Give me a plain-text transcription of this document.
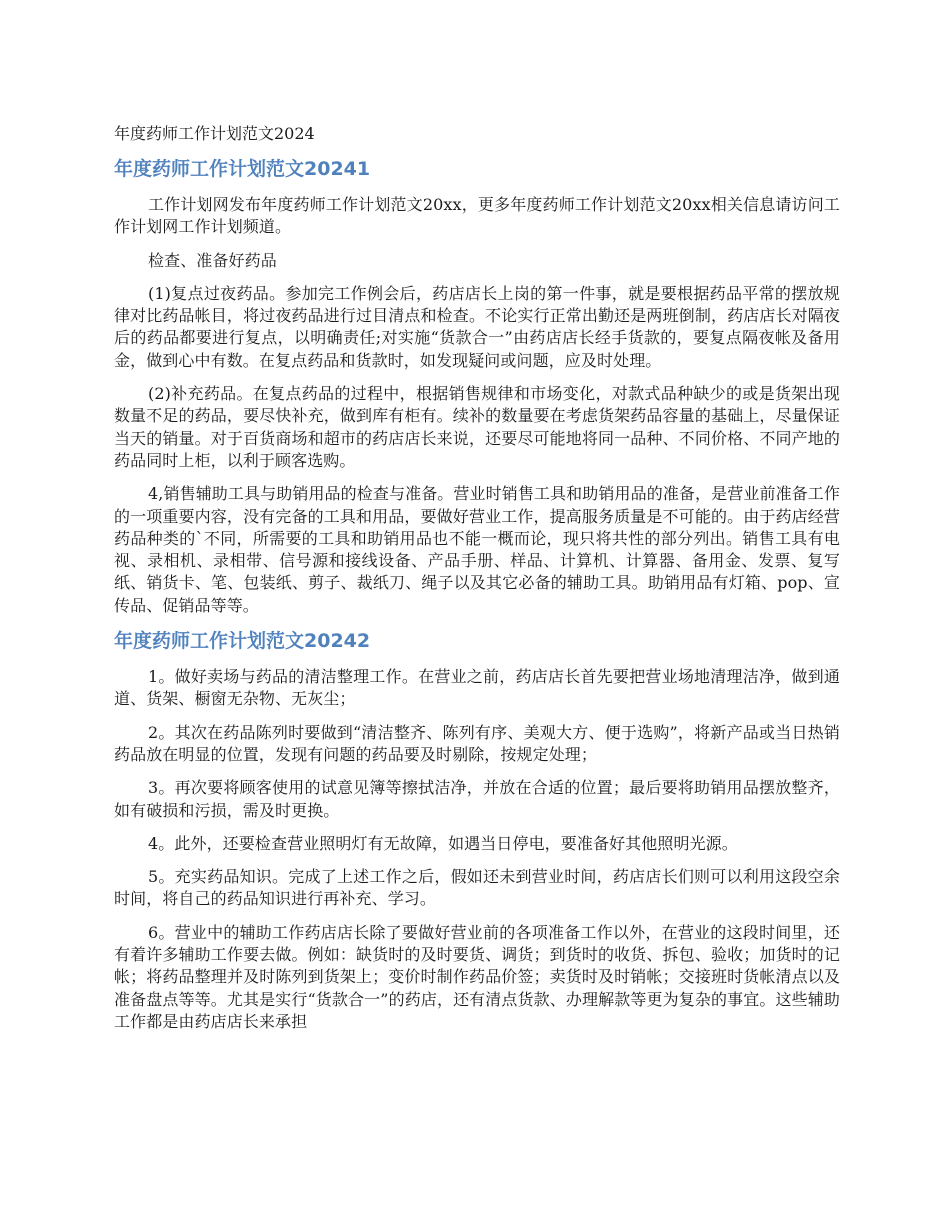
年度药师工作计划范文2024
年度药师工作计划范文20241

工作计划网发布年度药师工作计划范文20xx，更多年度药师工作计划范文20xx相关信息请访问工作计划网工作计划频道。

检查、准备好药品

(1)复点过夜药品。参加完工作例会后，药店店长上岗的第一件事，就是要根据药品平常的摆放规律对比药品帐目，将过夜药品进行过目清点和检查。不论实行正常出勤还是两班倒制，药店店长对隔夜后的药品都要进行复点，以明确责任;对实施“货款合一”由药店店长经手货款的，要复点隔夜帐及备用金，做到心中有数。在复点药品和货款时，如发现疑问或问题，应及时处理。

(2)补充药品。在复点药品的过程中，根据销售规律和市场变化，对款式品种缺少的或是货架出现数量不足的药品，要尽快补充，做到库有柜有。续补的数量要在考虑货架药品容量的基础上，尽量保证当天的销量。对于百货商场和超市的药店店长来说，还要尽可能地将同一品种、不同价格、不同产地的药品同时上柜，以利于顾客选购。

4,销售辅助工具与助销用品的检查与准备。营业时销售工具和助销用品的准备，是营业前准备工作的一项重要内容，没有完备的工具和用品，要做好营业工作，提高服务质量是不可能的。由于药店经营药品种类的`不同，所需要的工具和助销用品也不能一概而论，现只将共性的部分列出。销售工具有电视、录相机、录相带、信号源和接线设备、产品手册、样品、计算机、计算器、备用金、发票、复写纸、销货卡、笔、包装纸、剪子、裁纸刀、绳子以及其它必备的辅助工具。助销用品有灯箱、pop、宣传品、促销品等等。

年度药师工作计划范文20242

1。做好卖场与药品的清洁整理工作。在营业之前，药店店长首先要把营业场地清理洁净，做到通道、货架、橱窗无杂物、无灰尘；

2。其次在药品陈列时要做到“清洁整齐、陈列有序、美观大方、便于选购”，将新产品或当日热销药品放在明显的位置，发现有问题的药品要及时剔除，按规定处理；

3。再次要将顾客使用的试意见簿等擦拭洁净，并放在合适的位置；最后要将助销用品摆放整齐，如有破损和污损，需及时更换。

4。此外，还要检查营业照明灯有无故障，如遇当日停电，要准备好其他照明光源。

5。充实药品知识。完成了上述工作之后，假如还未到营业时间，药店店长们则可以利用这段空余时间，将自己的药品知识进行再补充、学习。

6。营业中的辅助工作药店店长除了要做好营业前的各项准备工作以外，在营业的这段时间里，还有着许多辅助工作要去做。例如：缺货时的及时要货、调货；到货时的收货、拆包、验收；加货时的记帐；将药品整理并及时陈列到货架上；变价时制作药品价签；卖货时及时销帐；交接班时货帐清点以及准备盘点等等。尤其是实行“货款合一”的药店，还有清点货款、办理解款等更为复杂的事宜。这些辅助工作都是由药店店长来承担
